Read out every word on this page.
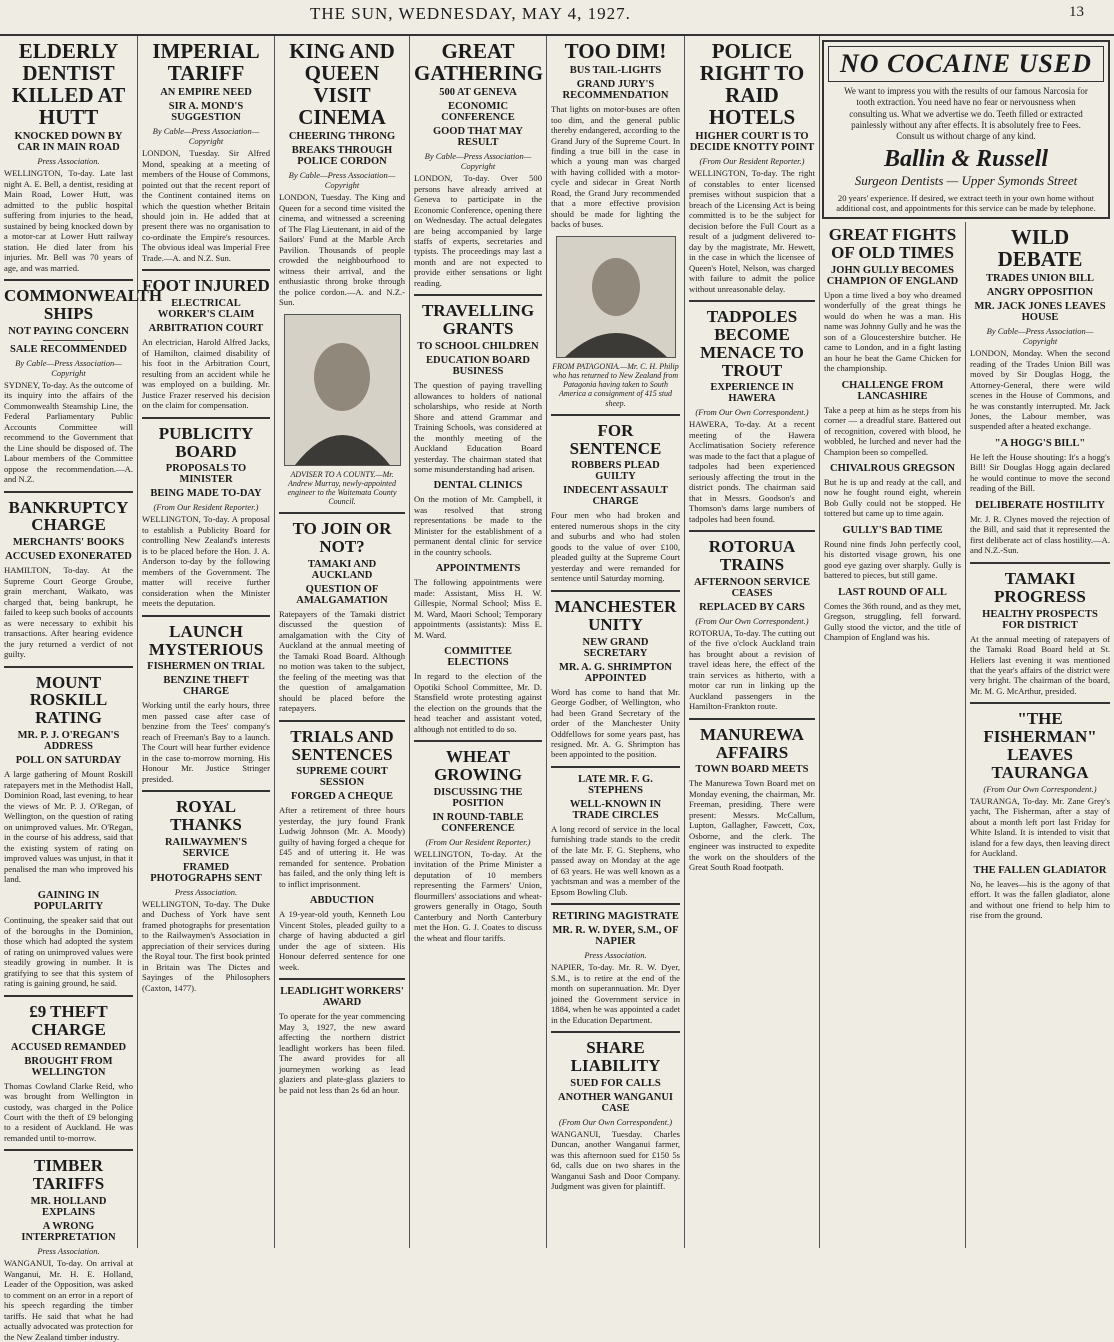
THE SUN, WEDNESDAY, MAY 4, 1927.	13
ELDERLY DENTIST KILLED AT HUTT
KNOCKED DOWN BY CAR IN MAIN ROAD
Press Association.
WELLINGTON, To-day. Late last night A. E. Bell, a dentist, residing at Main Road, Lower Hutt, was admitted to the public hospital suffering from injuries to the head, sustained by being knocked down by a motor-car at Lower Hutt railway station. He died later from his injuries. Mr. Bell was 70 years of age, and was married.
COMMONWEALTH SHIPS
NOT PAYING CONCERN
SALE RECOMMENDED
By Cable—Press Association—Copyright
SYDNEY, To-day. As the outcome of its inquiry into the affairs of the Commonwealth Steamship Line, the Federal Parliamentary Public Accounts Committee will recommend to the Government that the Line should be disposed of. The Labour members of the Committee oppose the recommendation.—A. and N.Z.
BANKRUPTCY CHARGE
MERCHANTS' BOOKS
ACCUSED EXONERATED
HAMILTON, To-day. At the Supreme Court George Groube, grain merchant, Waikato, was charged that, being bankrupt, he failed to keep such books of accounts as were necessary to exhibit his transactions. After hearing evidence the jury returned a verdict of not guilty.
MOUNT ROSKILL RATING
MR. P. J. O'REGAN'S ADDRESS
POLL ON SATURDAY
A large gathering of Mount Roskill ratepayers met in the Methodist Hall, Dominion Road, last evening, to hear the views of Mr. P. J. O'Regan, of Wellington, on the question of rating on unimproved values. Mr. O'Regan, in the course of his address, said that the existing system of rating on improved values was unjust, in that it penalised the man who improved his land.
GAINING IN POPULARITY
Continuing, the speaker said that out of the boroughs in the Dominion, those which had adopted the system of rating on unimproved values were steadily growing in number. It is gratifying to see that this system of rating is gaining ground, he said.
£9 THEFT CHARGE
ACCUSED REMANDED
BROUGHT FROM WELLINGTON
Thomas Cowland Clarke Reid, who was brought from Wellington in custody, was charged in the Police Court with the theft of £9 belonging to a resident of Auckland. He was remanded until to-morrow.
TIMBER TARIFFS
MR. HOLLAND EXPLAINS
A WRONG INTERPRETATION
Press Association.
WANGANUI, To-day. On arrival at Wanganui, Mr. H. E. Holland, Leader of the Opposition, was asked to comment on an error in a report of his speech regarding the timber tariffs. He said that what he had actually advocated was protection for the New Zealand timber industry.
IMPERIAL TARIFF
AN EMPIRE NEED
SIR A. MOND'S SUGGESTION
By Cable—Press Association—Copyright
LONDON, Tuesday. Sir Alfred Mond, speaking at a meeting of members of the House of Commons, pointed out that the recent report of the Continent contained items on which the question whether Britain should join in. He added that at present there was no organisation to co-ordinate the Empire's resources. The obvious ideal was Imperial Free Trade.—A. and N.Z. Sun.
FOOT INJURED
ELECTRICAL WORKER'S CLAIM
ARBITRATION COURT
An electrician, Harold Alfred Jacks, of Hamilton, claimed disability of his foot in the Arbitration Court, resulting from an accident while he was employed on a building. Mr. Justice Frazer reserved his decision on the claim for compensation.
PUBLICITY BOARD
PROPOSALS TO MINISTER
BEING MADE TO-DAY
(From Our Resident Reporter.)
WELLINGTON, To-day. A proposal to establish a Publicity Board for controlling New Zealand's interests is to be placed before the Hon. J. A. Anderson to-day by the following members of the Government. The matter will receive further consideration when the Minister meets the deputation.
LAUNCH MYSTERIOUS
FISHERMEN ON TRIAL
BENZINE THEFT CHARGE
Working until the early hours, three men passed case after case of benzine from the Tees' company's reach of Freeman's Bay to a launch. The Court will hear further evidence in the case to-morrow morning. His Honour Mr. Justice Stringer presided.
ROYAL THANKS
RAILWAYMEN'S SERVICE
FRAMED PHOTOGRAPHS SENT
Press Association.
WELLINGTON, To-day. The Duke and Duchess of York have sent framed photographs for presentation to the Railwaymen's Association in appreciation of their services during the Royal tour. The first book printed in Britain was The Dictes and Sayinges of the Philosophers (Caxton, 1477).
KING AND QUEEN VISIT CINEMA
CHEERING THRONG
BREAKS THROUGH POLICE CORDON
By Cable—Press Association—Copyright
LONDON, Tuesday. The King and Queen for a second time visited the cinema, and witnessed a screening of The Flag Lieutenant, in aid of the Sailors' Fund at the Marble Arch Pavilion. Thousands of people crowded the neighbourhood to witness their arrival, and the enthusiastic throng broke through the police cordon.—A. and N.Z.-Sun.
ADVISER TO A COUNTY.—Mr. Andrew Murray, newly-appointed engineer to the Waitemata County Council.
TO JOIN OR NOT?
TAMAKI AND AUCKLAND
QUESTION OF AMALGAMATION
Ratepayers of the Tamaki district discussed the question of amalgamation with the City of Auckland at the annual meeting of the Tamaki Road Board. Although no motion was taken to the subject, the feeling of the meeting was that the question of amalgamation should be placed before the ratepayers.
TRIALS AND SENTENCES
SUPREME COURT SESSION
FORGED A CHEQUE
After a retirement of three hours yesterday, the jury found Frank Ludwig Johnson (Mr. A. Moody) guilty of having forged a cheque for £45 and of uttering it. He was remanded for sentence. Probation has failed, and the only thing left is to inflict imprisonment.
ABDUCTION
A 19-year-old youth, Kenneth Lou Vincent Stoles, pleaded guilty to a charge of having abducted a girl under the age of sixteen. His Honour deferred sentence for one week.
LEADLIGHT WORKERS' AWARD
To operate for the year commencing May 3, 1927, the new award affecting the northern district leadlight workers has been filed. The award provides for all journeymen working as lead glaziers and plate-glass glaziers to be paid not less than 2s 6d an hour.
GREAT GATHERING
500 AT GENEVA
ECONOMIC CONFERENCE
GOOD THAT MAY RESULT
By Cable—Press Association—Copyright
LONDON, To-day. Over 500 persons have already arrived at Geneva to participate in the Economic Conference, opening there on Wednesday. The actual delegates are being accompanied by large staffs of experts, secretaries and typists. The proceedings may last a month and are not expected to provide either sensations or light reading.
TRAVELLING GRANTS
TO SCHOOL CHILDREN
EDUCATION BOARD BUSINESS
The question of paying travelling allowances to holders of national scholarships, who reside at North Shore and attend Grammar and Training Schools, was considered at the monthly meeting of the Auckland Education Board yesterday. The chairman stated that some misunderstanding had arisen.
DENTAL CLINICS
On the motion of Mr. Campbell, it was resolved that strong representations be made to the Minister for the establishment of a permanent dental clinic for service in the country schools.
APPOINTMENTS
The following appointments were made: Assistant, Miss H. W. Gillespie, Normal School; Miss E. M. Ward, Maori School; Temporary appointments (assistants): Miss E. M. Ward.
COMMITTEE ELECTIONS
In regard to the election of the Opotiki School Committee, Mr. D. Stansfield wrote protesting against the election on the grounds that the head teacher and assistant voted, although not entitled to do so.
WHEAT GROWING
DISCUSSING THE POSITION
IN ROUND-TABLE CONFERENCE
(From Our Resident Reporter.)
WELLINGTON, To-day. At the invitation of the Prime Minister a deputation of 10 members representing the Farmers' Union, flourmillers' associations and wheat-growers generally in Otago, South Canterbury and North Canterbury met the Hon. G. J. Coates to discuss the wheat and flour tariffs.
TOO DIM!
BUS TAIL-LIGHTS
GRAND JURY'S RECOMMENDATION
That lights on motor-buses are often too dim, and the general public thereby endangered, according to the Grand Jury of the Supreme Court. In finding a true bill in the case in which a young man was charged with having collided with a motor-cycle and sidecar in Great North Road, the Grand Jury recommended that a more effective provision should be made for lighting the backs of buses.
FROM PATAGONIA.—Mr. C. H. Philip who has returned to New Zealand from Patagonia having taken to South America a consignment of 415 stud sheep.
FOR SENTENCE
ROBBERS PLEAD GUILTY
INDECENT ASSAULT CHARGE
Four men who had broken and entered numerous shops in the city and suburbs and who had stolen goods to the value of over £100, pleaded guilty at the Supreme Court yesterday and were remanded for sentence until Saturday morning.
MANCHESTER UNITY
NEW GRAND SECRETARY
MR. A. G. SHRIMPTON APPOINTED
Word has come to hand that Mr. George Godber, of Wellington, who had been Grand Secretary of the order of the Manchester Unity Oddfellows for some years past, has resigned. Mr. A. G. Shrimpton has been appointed to the position.
LATE MR. F. G. STEPHENS
WELL-KNOWN IN TRADE CIRCLES
A long record of service in the local furnishing trade stands to the credit of the late Mr. F. G. Stephens, who passed away on Monday at the age of 63 years. He was well known as a yachtsman and was a member of the Epsom Bowling Club.
RETIRING MAGISTRATE
MR. R. W. DYER, S.M., OF NAPIER
Press Association.
NAPIER, To-day. Mr. R. W. Dyer, S.M., is to retire at the end of the month on superannuation. Mr. Dyer joined the Government service in 1884, when he was appointed a cadet in the Education Department.
SHARE LIABILITY
SUED FOR CALLS
ANOTHER WANGANUI CASE
(From Our Own Correspondent.)
WANGANUI, Tuesday. Charles Duncan, another Wanganui farmer, was this afternoon sued for £150 5s 6d, calls due on two shares in the Wanganui Sash and Door Company. Judgment was given for plaintiff.
POLICE RIGHT TO RAID HOTELS
HIGHER COURT IS TO DECIDE KNOTTY POINT
(From Our Resident Reporter.)
WELLINGTON, To-day. The right of constables to enter licensed premises without suspicion that a breach of the Licensing Act is being committed is to be the subject for decision before the Full Court as a result of a judgment delivered to-day by the magistrate, Mr. Hewett, in the case in which the licensee of Queen's Hotel, Nelson, was charged with failure to admit the police without unreasonable delay.
TADPOLES BECOME MENACE TO TROUT
EXPERIENCE IN HAWERA
(From Our Own Correspondent.)
HAWERA, To-day. At a recent meeting of the Hawera Acclimatisation Society reference was made to the fact that a plague of tadpoles had been experienced seriously affecting the trout in the district ponds. The chairman said that in Messrs. Goodson's and Thomson's dams large numbers of tadpoles had been found.
ROTORUA TRAINS
AFTERNOON SERVICE CEASES
REPLACED BY CARS
(From Our Own Correspondent.)
ROTORUA, To-day. The cutting out of the five o'clock Auckland train has brought about a revision of travel ideas here, the effect of the train services as hitherto, with a motor car run in linking up the Auckland passengers in the Hamilton-Frankton route.
MANUREWA AFFAIRS
TOWN BOARD MEETS
The Manurewa Town Board met on Monday evening, the chairman, Mr. Freeman, presiding. There were present: Messrs. McCallum, Lupton, Gallagher, Fawcett, Cox, Osborne, and the clerk. The engineer was instructed to expedite the work on the shoulders of the Great South Road footpath.
NO COCAINE USED
We want to impress you with the results of our famous Narcosia for tooth extraction. You need have no fear or nervousness when consulting us. What we advertise we do. Teeth filled or extracted painlessly without any after effects. It is absolutely free to Fees. Consult us without charge of any kind.
Ballin & Russell
Surgeon Dentists — Upper Symonds Street
20 years' experience. If desired, we extract teeth in your own home without additional cost, and appointments for this service can be made by telephone.
GREAT FIGHTS OF OLD TIMES
JOHN GULLY BECOMES CHAMPION OF ENGLAND
Upon a time lived a boy who dreamed wonderfully of the great things he would do when he was a man. His name was Johnny Gully and he was the son of a Gloucestershire butcher. He came to London, and in a fight lasting an hour he beat the Game Chicken for the championship.
CHALLENGE FROM LANCASHIRE
Take a peep at him as he steps from his corner — a dreadful stare. Battered out of recognition, covered with blood, he wobbled, he lurched and never had the Champion been so compelled.
CHIVALROUS GREGSON
But he is up and ready at the call, and now he fought round eight, wherein Bob Gully could not be stopped. He tottered but came up to time again.
GULLY'S BAD TIME
Round nine finds John perfectly cool, his distorted visage grown, his one good eye gazing over sharply. Gully is battered to pieces, but still game.
LAST ROUND OF ALL
Comes the 36th round, and as they met, Gregson, struggling, fell forward. Gully stood the victor, and the title of Champion of England was his.
WILD DEBATE
TRADES UNION BILL
ANGRY OPPOSITION
MR. JACK JONES LEAVES HOUSE
By Cable—Press Association—Copyright
LONDON, Monday. When the second reading of the Trades Union Bill was moved by Sir Douglas Hogg, the Attorney-General, there were wild scenes in the House of Commons, and he was constantly interrupted. Mr. Jack Jones, the Labour member, was suspended after a heated exchange.
"A HOGG'S BILL"
He left the House shouting: It's a hogg's Bill! Sir Douglas Hogg again declared he would continue to move the second reading of the Bill.
DELIBERATE HOSTILITY
Mr. J. R. Clynes moved the rejection of the Bill, and said that it represented the first deliberate act of class hostility.—A. and N.Z.-Sun.
TAMAKI PROGRESS
HEALTHY PROSPECTS FOR DISTRICT
At the annual meeting of ratepayers of the Tamaki Road Board held at St. Heliers last evening it was mentioned that the year's affairs of the district were very bright. The chairman of the board, Mr. M. G. McArthur, presided.
"THE FISHERMAN" LEAVES TAURANGA
(From Our Own Correspondent.)
TAURANGA, To-day. Mr. Zane Grey's yacht, The Fisherman, after a stay of about a month left port last Friday for White Island. It is intended to visit that island for a few days, then leaving direct for Auckland.
THE FALLEN GLADIATOR
No, he leaves—his is the agony of that effort. It was the fallen gladiator, alone and without one friend to help him to rise from the ground.
